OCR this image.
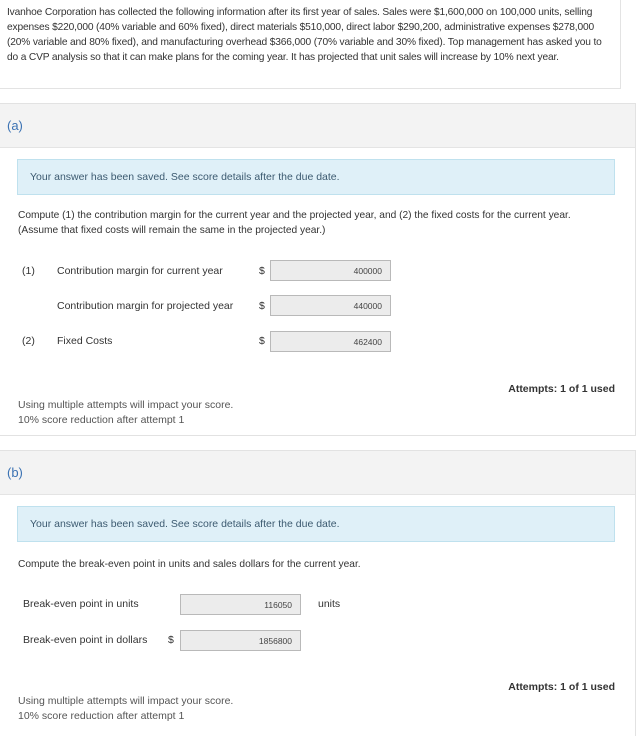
Ivanhoe Corporation has collected the following information after its first year of sales. Sales were $1,600,000 on 100,000 units, selling expenses $220,000 (40% variable and 60% fixed), direct materials $510,000, direct labor $290,200, administrative expenses $278,000 (20% variable and 80% fixed), and manufacturing overhead $366,000 (70% variable and 30% fixed). Top management has asked you to do a CVP analysis so that it can make plans for the coming year. It has projected that unit sales will increase by 10% next year.

(a)
Your answer has been saved. See score details after the due date.
Compute (1) the contribution margin for the current year and the projected year, and (2) the fixed costs for the current year. (Assume that fixed costs will remain the same in the projected year.)
(1) Contribution margin for current year	$	400000
Contribution margin for projected year $	440000
(2) Fixed Costs	$	462400
Attempts: 1 of 1 used
Using multiple attempts will impact your score.
10% score reduction after attempt 1
(b)
Your answer has been saved. See score details after the due date.
Compute the break-even point in units and sales dollars for the current year.
Break-even point in units	116050	units
Break-even point in dollars $	1856800
Attempts: 1 of 1 used
Using multiple attempts will impact your score.
10% score reduction after attempt 1
